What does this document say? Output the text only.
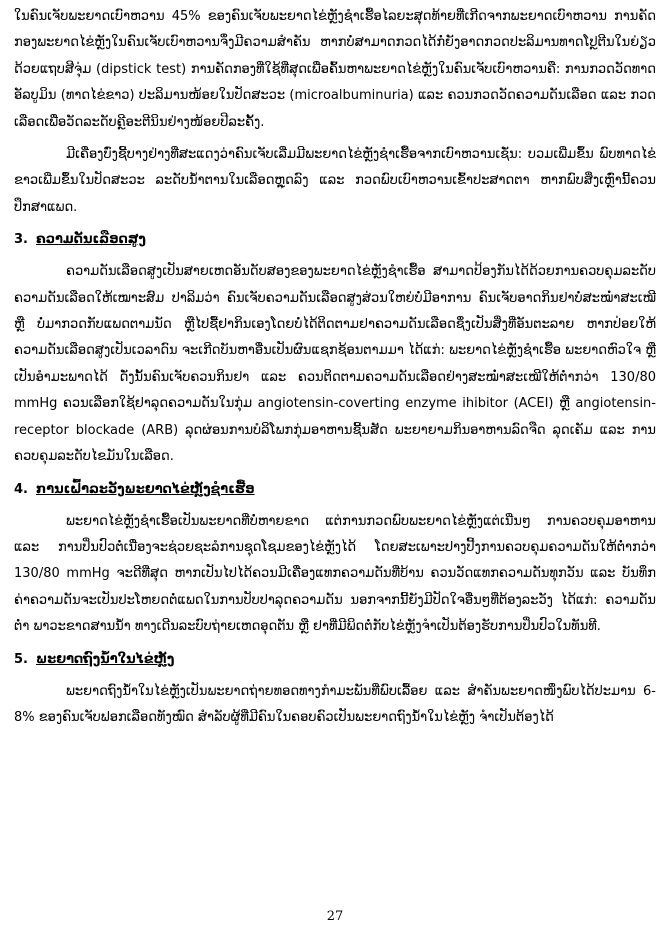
ໃນຄົນເຈັບພະຍາດເບົາຫວານ 45% ຂອງຄົນເຈັບພະຍາດໄຂ່ຫຼັງຊໍາເຮື້ອໄລຍະສຸດທ້າຍທີ່ເກີດຈາກພະຍາດເບົາຫວານ ການຄັດກອງພະຍາດໄຂ່ຫຼັງໃນຄົນເຈັບເບົາຫວານຈຶ່ງມີຄວາມສໍາຄັນ ຫາກບໍ່ສາມາດກວດໄດ້ກໍ່ຍັງອາດກວດປະລິມານທາດໂປຼຕີນໃນຍ່ຽວດ້ວຍແຖບສີຈຸ່ມ (dipstick test) ການຄັດກອງທີ່ໃຊ້ທີ່ສຸດເພື່ອຄົ້ນຫາພະຍາດໄຂ່ຫຼັງໃນຄົນເຈັບເບົາຫວານຄື: ການກວດວັດທາດອັລບູມິນ (ທາດໄຂ່ຂາວ) ປະລິມານໜ້ອຍໃນປັດສະວະ (microalbuminuria) ແລະ ຄວນກວດວັດຄວາມດັນເລືອດ ແລະ ກວດເລືອດເພື່ອວັດລະດັບຄຼີອະຕີນິນຢ່າງໜ້ອຍປີລະຄັ້ງ.

ມີເຄື່ອງບົ່ງຊີ້ບາງຢ່າງທີ່ສະແດງວ່າຄົນເຈັບເລີ່ມມີພະຍາດໄຂ່ຫຼັງຊໍາເຮື້ອຈາກເບົາຫວານເຊັ່ນ: ບວມເພີ່ມຂຶ້ນ ພົບທາດໄຂ່ຂາວເພີ່ມຂຶ້ນໃນປັດສະວະ ລະດັບນໍ້າຕານໃນເລືອດຫຼຸດລົງ ແລະ ກວດພົບເບົາຫວານເຂົ້າປະສາດຕາ ຫາກພົບສິ່ງເຫຼົ່ານີ້ຄວນປຶກສາແພດ.

3. ຄວາມດັນເລືອດສູງ

ຄວາມດັນເລືອດສູງເປັນສາຍເຫດອັນດັບສອງຂອງພະຍາດໄຂ່ຫຼັງຊໍາເຮື້ອ ສາມາດປ້ອງກັນໄດ້ດ້ວຍການຄວບຄຸມລະດັບຄວາມດັນເລືອດໃຫ້ເໝາະສົມ ປາລິມວ່າ ຄົນເຈັບຄວາມດັນເລືອດສູງສ່ວນໃຫຍ່ບໍ່ມີອາການ ຄົນເຈັບອາດກິນຢາບໍ່ສະໝໍ່າສະເໝີ ຫຼື ບໍ່ມາກວດກັບແພດຕາມນັດ ຫຼືໄປຊື້ຢາກິນເອງໂດຍບໍ່ໄດ້ຕິດຕາມຢາຄວາມດັນເລືອດຊຶ່ງເປັນສິ່ງທີ່ອັນຕະລາຍ ຫາກປ່ອຍໃຫ້ຄວາມດັນເລືອດສູງເປັນເວລາດົນ ຈະເກີດບັນຫາອື່ນເປັນຜົນແຊກຊ້ອນຕາມມາ ໄດ້ແກ່: ພະຍາດໄຂ່ຫຼັງຊໍາເຮື້ອ ພະຍາດຫົວໃຈ ຫຼືເປັນອໍາມະພາດໄດ້ ດັ່ງນັ້ນຄົນເຈັບຄວນກິນຢາ ແລະ ຄວນຕິດຕາມຄວາມດັນເລືອດຢ່າງສະໝໍ່າສະເໝີໃຫ້ຕໍ່າກວ່າ 130/80 mmHg ຄວນເລືອກໃຊ້ຢາລຸດຄວາມດັນໃນກຸ່ມ angiotensin-coverting enzyme ihibitor (ACEI) ຫຼື angiotensin-receptor blockade (ARB) ລຸດຜ່ອນການບໍລິໂພກກຸ່ມອາຫານຊີ້ນສັດ ພະຍາຍາມກິນອາຫານລົດຈືດ ລຸດເຄັມ ແລະ ການຄວບຄຸມລະດັບໄຂມັນໃນເລືອດ.

4. ການເຝົ້າລະວັງພະຍາດໄຂ່ຫຼັງຊໍາເຮື້ອ

ພະຍາດໄຂ່ຫຼັງຊໍາເຮື້ອເປັນພະຍາດທີ່ບໍ່ຫາຍຂາດ ແຕ່ການກວດພົບພະຍາດໄຂ່ຫຼັງແຕ່ເນີ່ນໆ ການຄວບຄຸມອາຫານ ແລະ ການປິ່ນປົວຕໍ່ເນື່ອງຈະຊ່ວຍຊະລໍການຊຸດໂຊມຂອງໄຂ່ຫຼັງໄດ້ ໂດຍສະເພາະປາງປີ້ງການຄວບຄຸມຄວາມດັນໃຫ້ຕໍ່າກວ່າ 130/80 mmHg ຈະດີທີ່ສຸດ ຫາກເປັນໄປໄດ້ຄວນມີເຄື່ອງແທກຄວາມດັນທີ່ບ້ານ ຄວນວັດແທກຄວາມດັນທຸກວັນ ແລະ ບັນທຶກຄ່າຄວາມດັນຈະເປັນປະໂຫຍດຕໍ່ແພດໃນການປັບປາລຸດຄວາມດັນ ນອກຈາກນີ້ຍັງມີປັດໃຈອື່ນໆທີ່ຕ້ອງລະວັງ ໄດ້ແກ່: ຄວາມດັນຕໍ່າ ພາວະຂາດສານນໍ້າ ທາງເດີນລະບົບຖ່າຍເຫດອຸດຕັນ ຫຼື ຢາທີ່ມີພິດຕໍ່ກັບໄຂ່ຫຼັງຈໍາເປັນຕ້ອງຮັບການປິ່ນປົວໃນທັນທີ.

5. ພະຍາດຖົງນໍ້າໃນໄຂ່ຫຼັງ

ພະຍາດຖົງນໍ້າໃນໄຂ່ຫຼັງເປັນພະຍາດຖ່າຍທອດທາງກໍາມະພັນທີ່ພົບເລື້ອຍ ແລະ ສໍາຄັນພະຍາດໜຶ່ງພົບໄດ້ປະມານ 6-8% ຂອງຄົນເຈັບຟອກເລືອດທັງໝົດ ສໍາລັບຜູ້ທີ່ມີຄົນໃນຄອບຄົວເປັນພະຍາດຖົງນໍ້າໃນໄຂ່ຫຼັງ ຈໍາເປັນຕ້ອງໄດ້

27
